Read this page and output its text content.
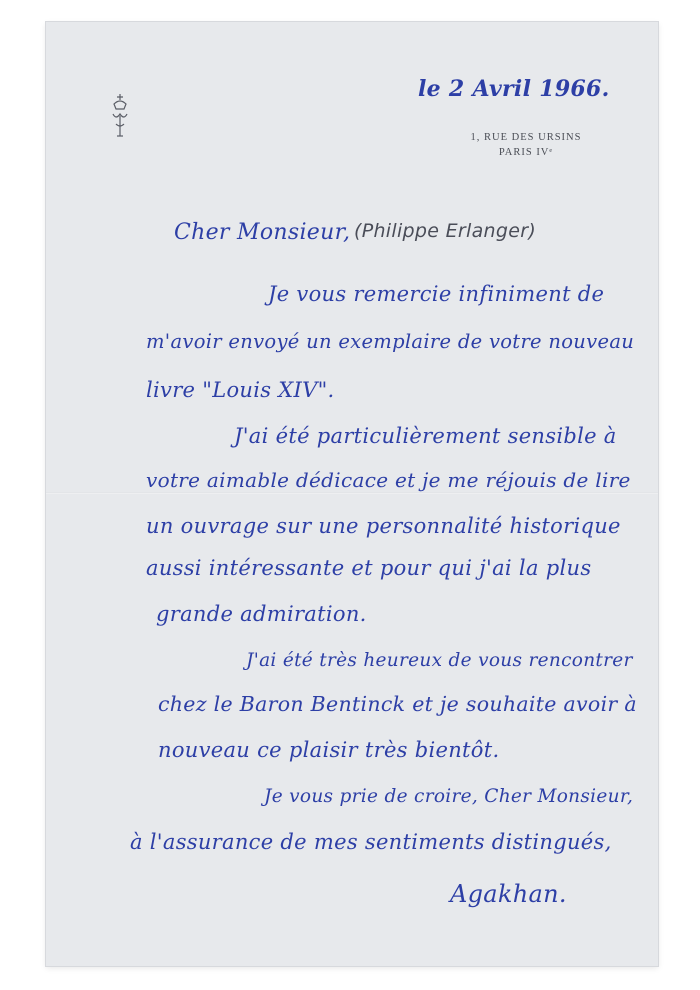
le 2 Avril 1966.
1, RUE DES URSINS
PARIS IVᵉ
Cher Monsieur, (Philippe Erlanger)
Je vous remercie infiniment de
m'avoir envoyé un exemplaire de votre nouveau
livre "Louis XIV".
J'ai été particulièrement sensible à
votre aimable dédicace et je me réjouis de lire
un ouvrage sur une personnalité historique
aussi intéressante et pour qui j'ai la plus
grande admiration.
J'ai été très heureux de vous rencontrer
chez le Baron Bentinck et je souhaite avoir à
nouveau ce plaisir très bientôt.
Je vous prie de croire, Cher Monsieur,
à l'assurance de mes sentiments distingués,
Agakhan.
